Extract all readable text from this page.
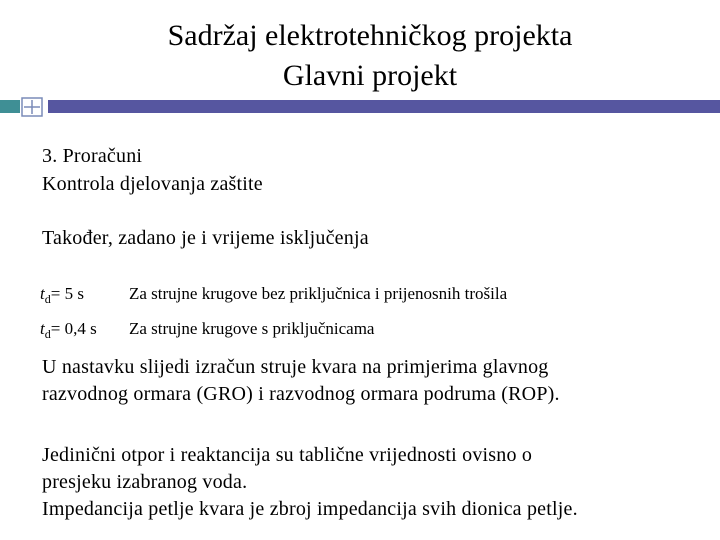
Sadržaj elektrotehničkog projekta
Glavni projekt
3. Proračuni
Kontrola djelovanja zaštite
Također, zadano je i vrijeme isključenja
$t_d= 5$ s	Za strujne krugove bez priključnica i prijenosnih trošila
$t_d= 0,4$ s Za strujne krugove s priključnicama
U nastavku slijedi izračun struje kvara na primjerima glavnog
razvodnog ormara (GRO) i razvodnog ormara podruma (ROP).
Jedinični otpor i reaktancija su tablične vrijednosti ovisno o
presjeku izabranog voda.
Impedancija petlje kvara je zbroj impedancija svih dionica petlje.
